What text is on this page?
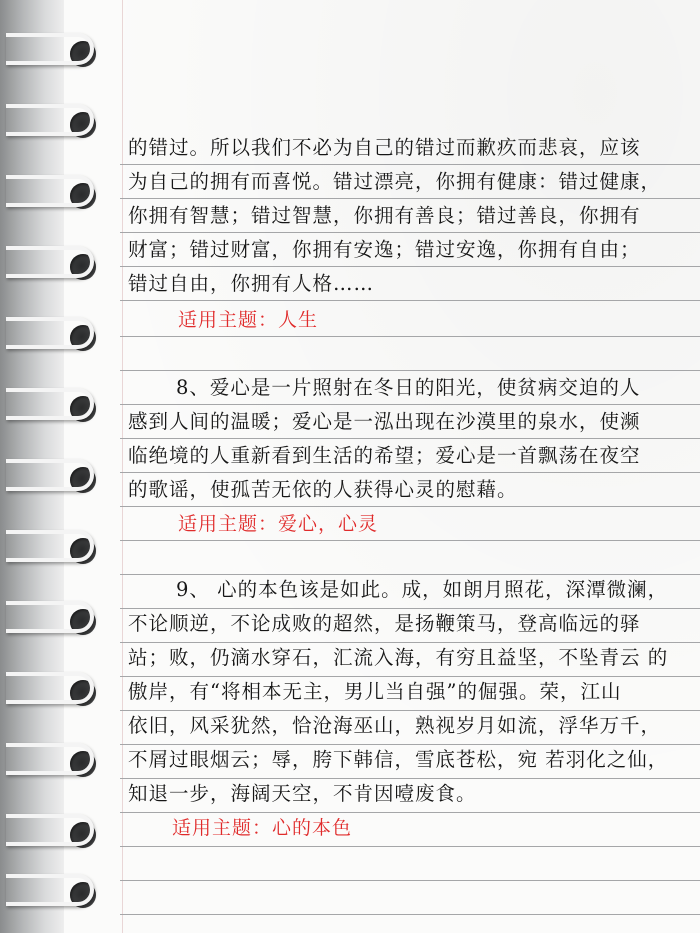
的错过。所以我们不必为自己的错过而歉疚而悲哀，应该
为自己的拥有而喜悦。错过漂亮，你拥有健康：错过健康，
你拥有智慧；错过智慧，你拥有善良；错过善良，你拥有
财富；错过财富，你拥有安逸；错过安逸，你拥有自由；
错过自由，你拥有人格……
适用主题：人生
8、爱心是一片照射在冬日的阳光，使贫病交迫的人
感到人间的温暖；爱心是一泓出现在沙漠里的泉水，使濒
临绝境的人重新看到生活的希望；爱心是一首飘荡在夜空
的歌谣，使孤苦无依的人获得心灵的慰藉。
适用主题：爱心，心灵
9、 心的本色该是如此。成，如朗月照花，深潭微澜，
不论顺逆，不论成败的超然，是扬鞭策马，登高临远的驿
站；败，仍滴水穿石，汇流入海，有穷且益坚，不坠青云 的
傲岸，有“将相本无主，男儿当自强”的倔强。荣，江山
依旧，风采犹然，恰沧海巫山，熟视岁月如流，浮华万千，
不屑过眼烟云；辱，胯下韩信，雪底苍松，宛 若羽化之仙，
知退一步，海阔天空，不肯因噎废食。
适用主题：心的本色
